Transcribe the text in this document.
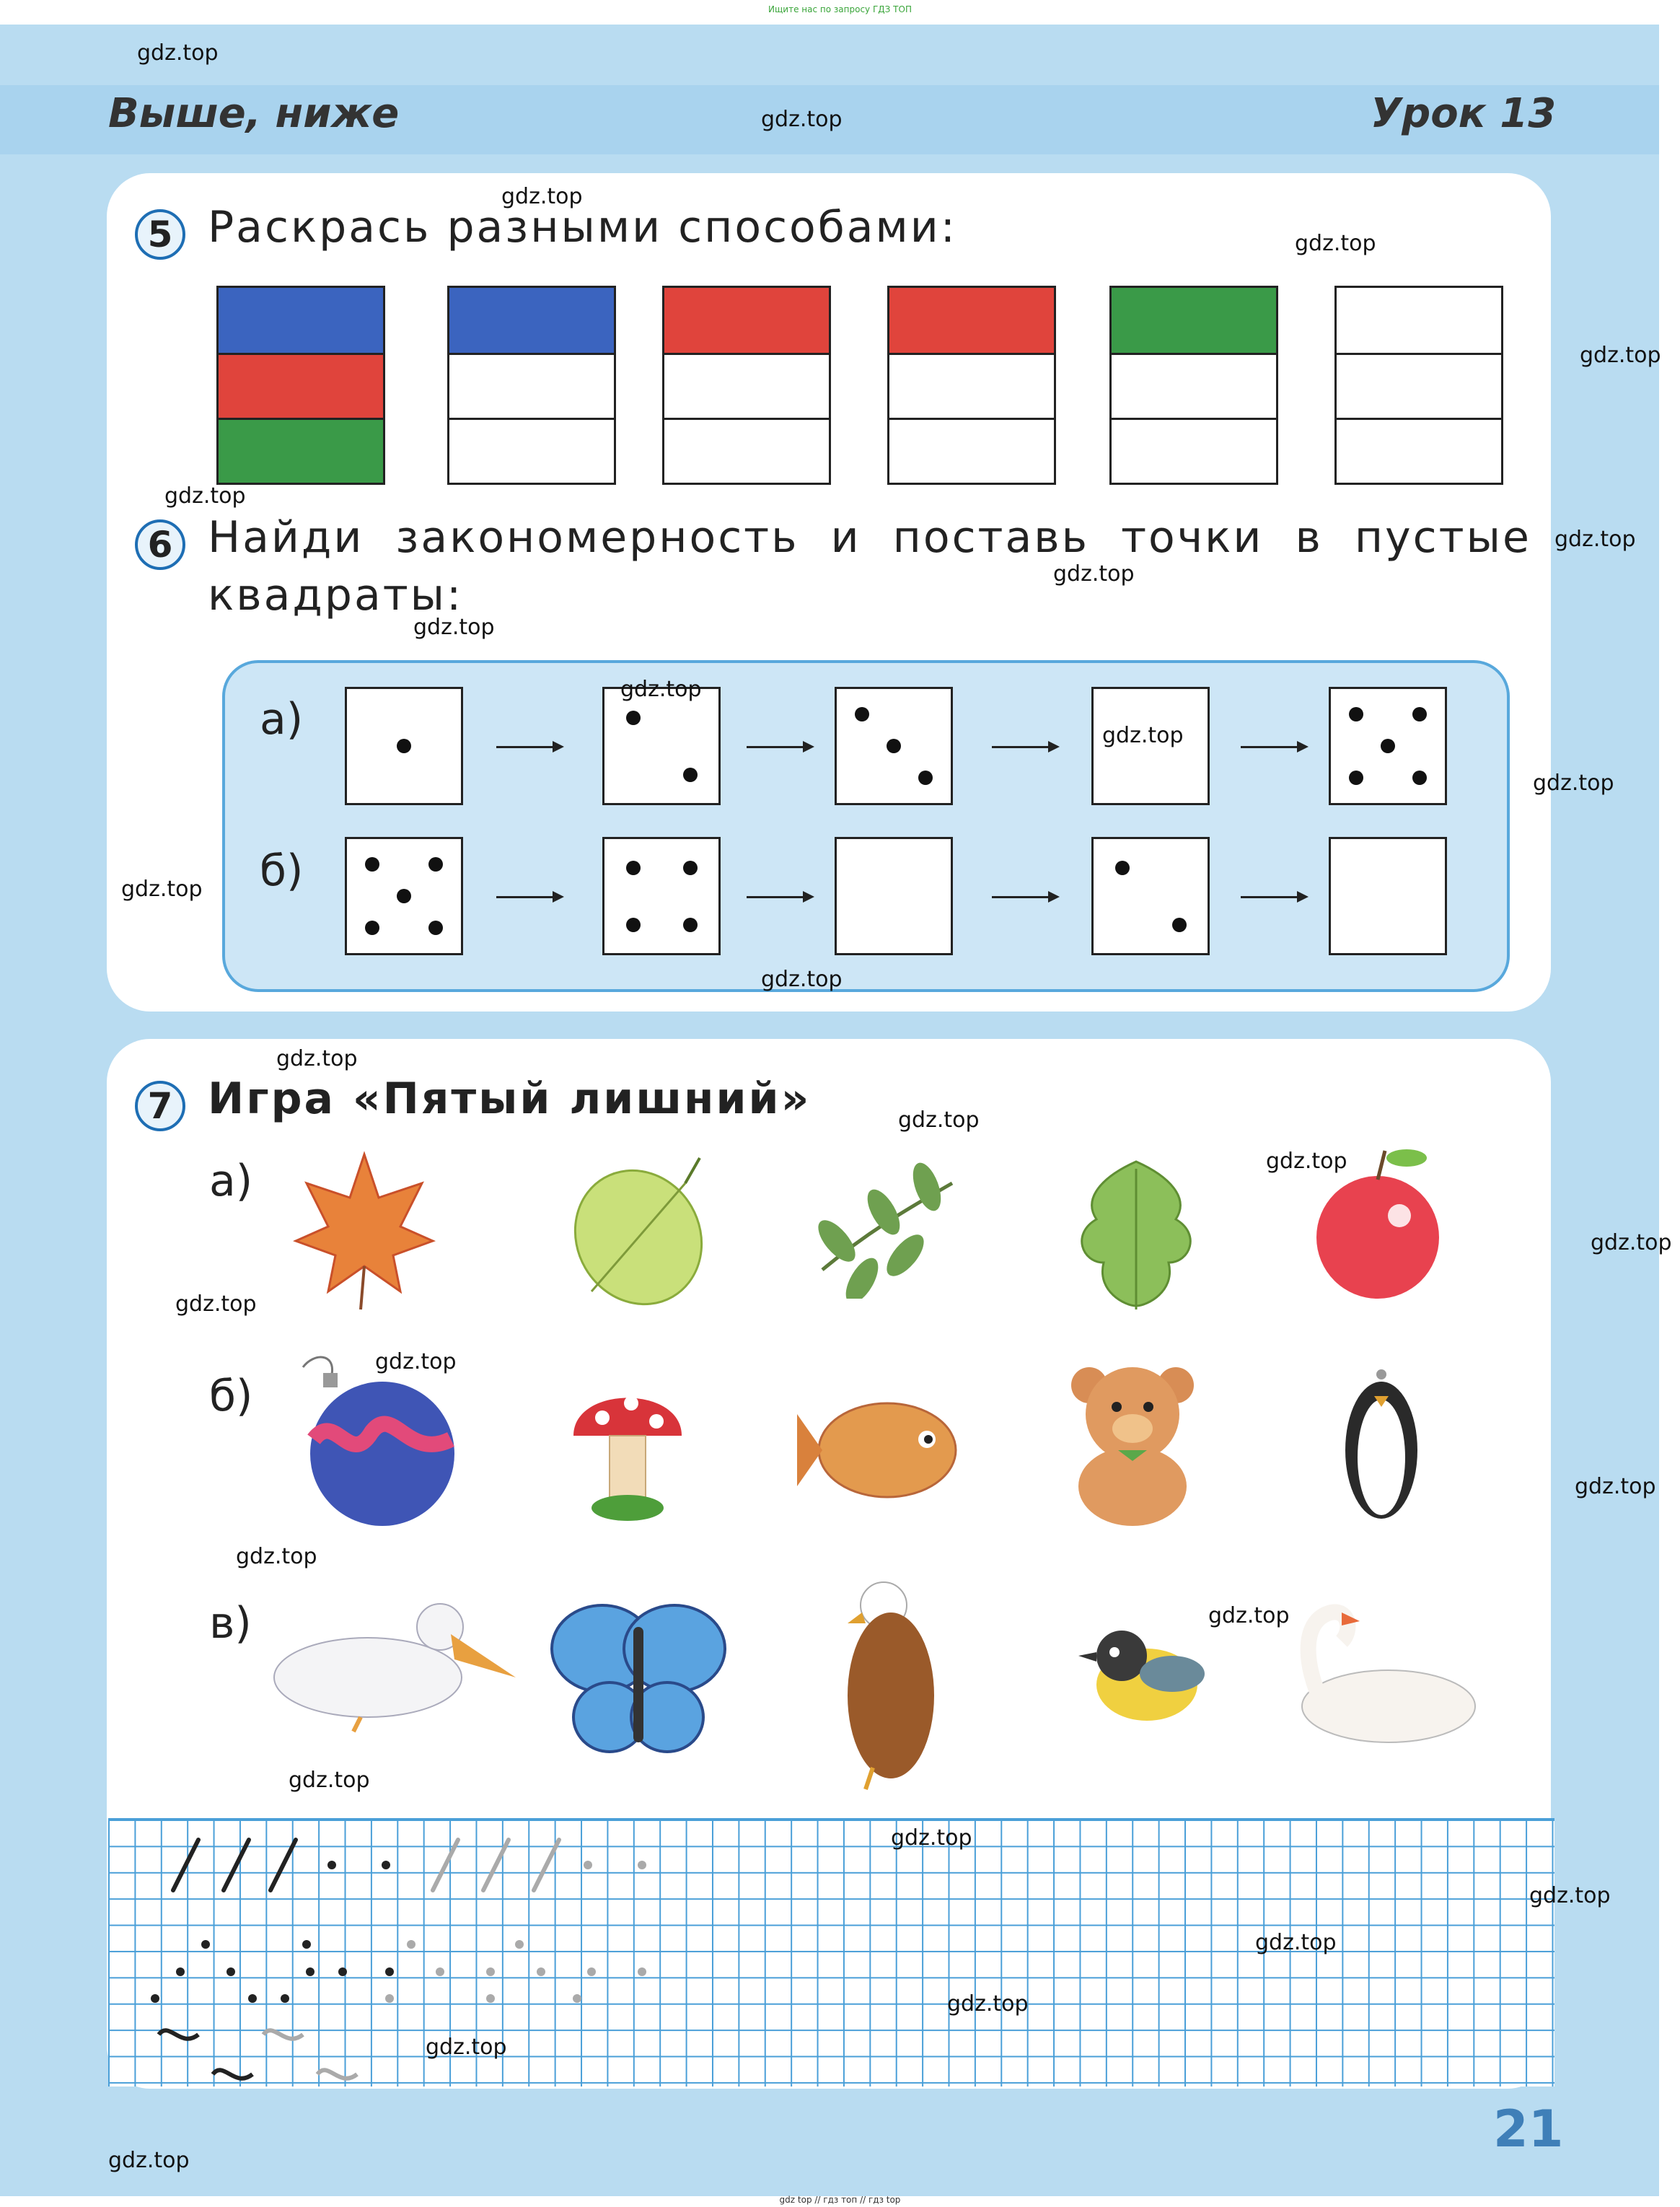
Ищите нас по запросу ГДЗ ТОП
Выше, ниже	Урок 13
5 Раскрась разными способами:
6 Найди закономерность и поставь точки в пустые
квадраты:
а)
б)
7 Игра «Пятый лишний»
а)
б)
в)
21
gdz.top
gdz.top
gdz.top
gdz.top
gdz.top
gdz.top
gdz.top
gdz.top
gdz.top
gdz.top
gdz.top
gdz.top
gdz.top
gdz.top
gdz.top
gdz.top
gdz.top
gdz.top
gdz.top
gdz.top
gdz.top
gdz.top
gdz.top
gdz.top
gdz.top
gdz.top
gdz.top
gdz.top
gdz.top
gdz.top
gdz top // гдз топ // гдз top
